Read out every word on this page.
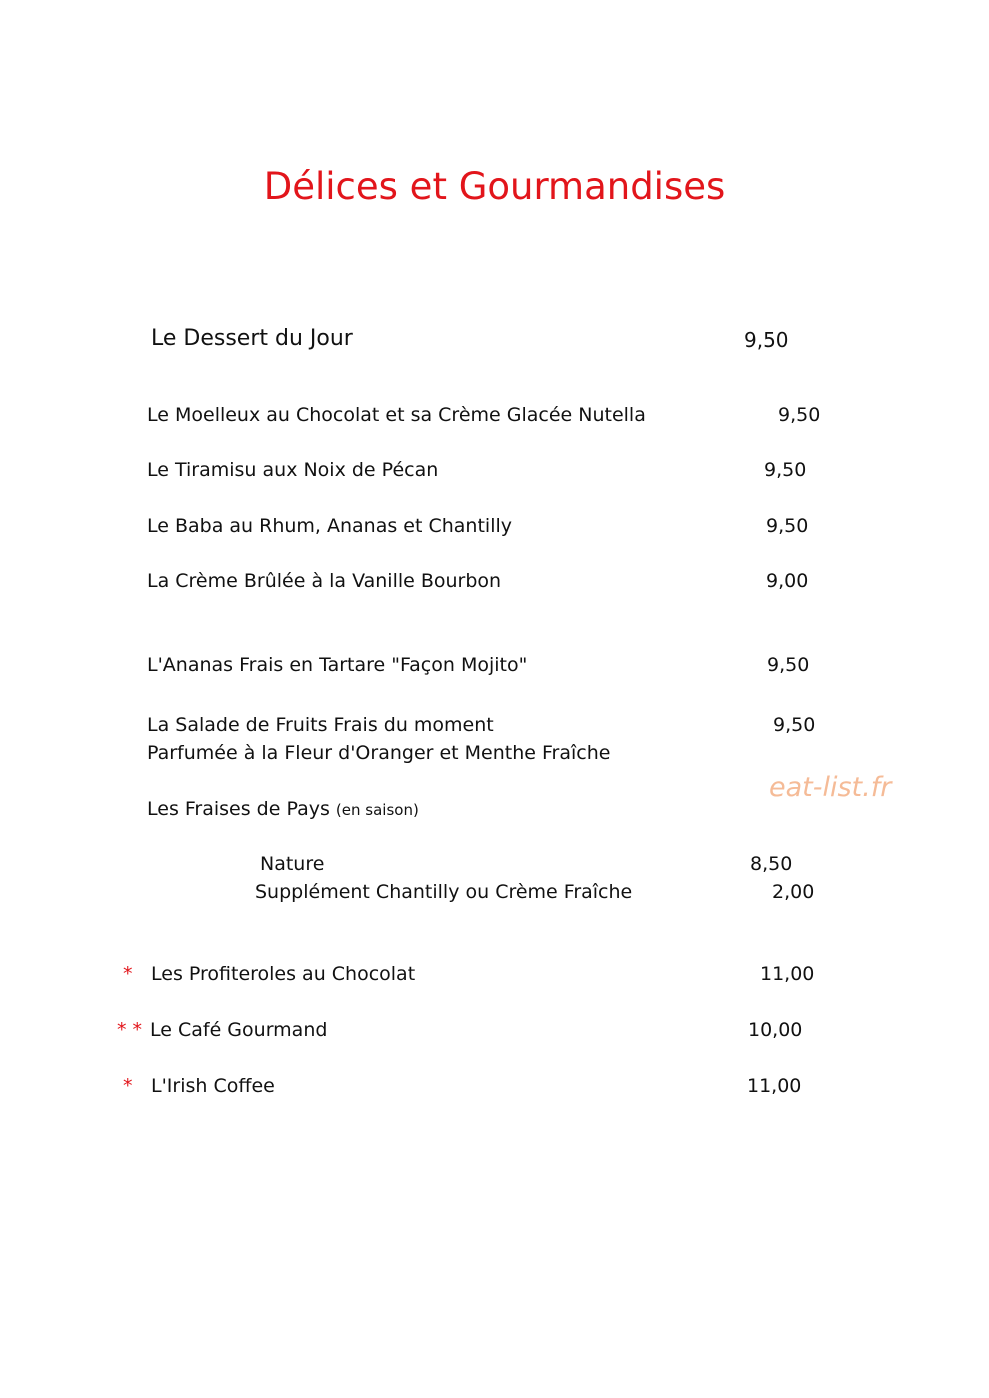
Délices et Gourmandises
Le Dessert du Jour	9,50
Le Moelleux au Chocolat et sa Crème Glacée Nutella	9,50
Le Tiramisu aux Noix de Pécan	9,50
Le Baba au Rhum, Ananas et Chantilly	9,50
La Crème Brûlée à la Vanille Bourbon	9,00
L'Ananas Frais en Tartare "Façon Mojito"	9,50
La Salade de Fruits Frais du moment	9,50
Parfumée à la Fleur d'Oranger et Menthe Fraîche
Les Fraises de Pays (en saison)
Nature	8,50
Supplément Chantilly ou Crème Fraîche	2,00
* Les Profiteroles au Chocolat	11,00
* * Le Café Gourmand	10,00
* L'Irish Coffee	11,00
eat-list.fr
